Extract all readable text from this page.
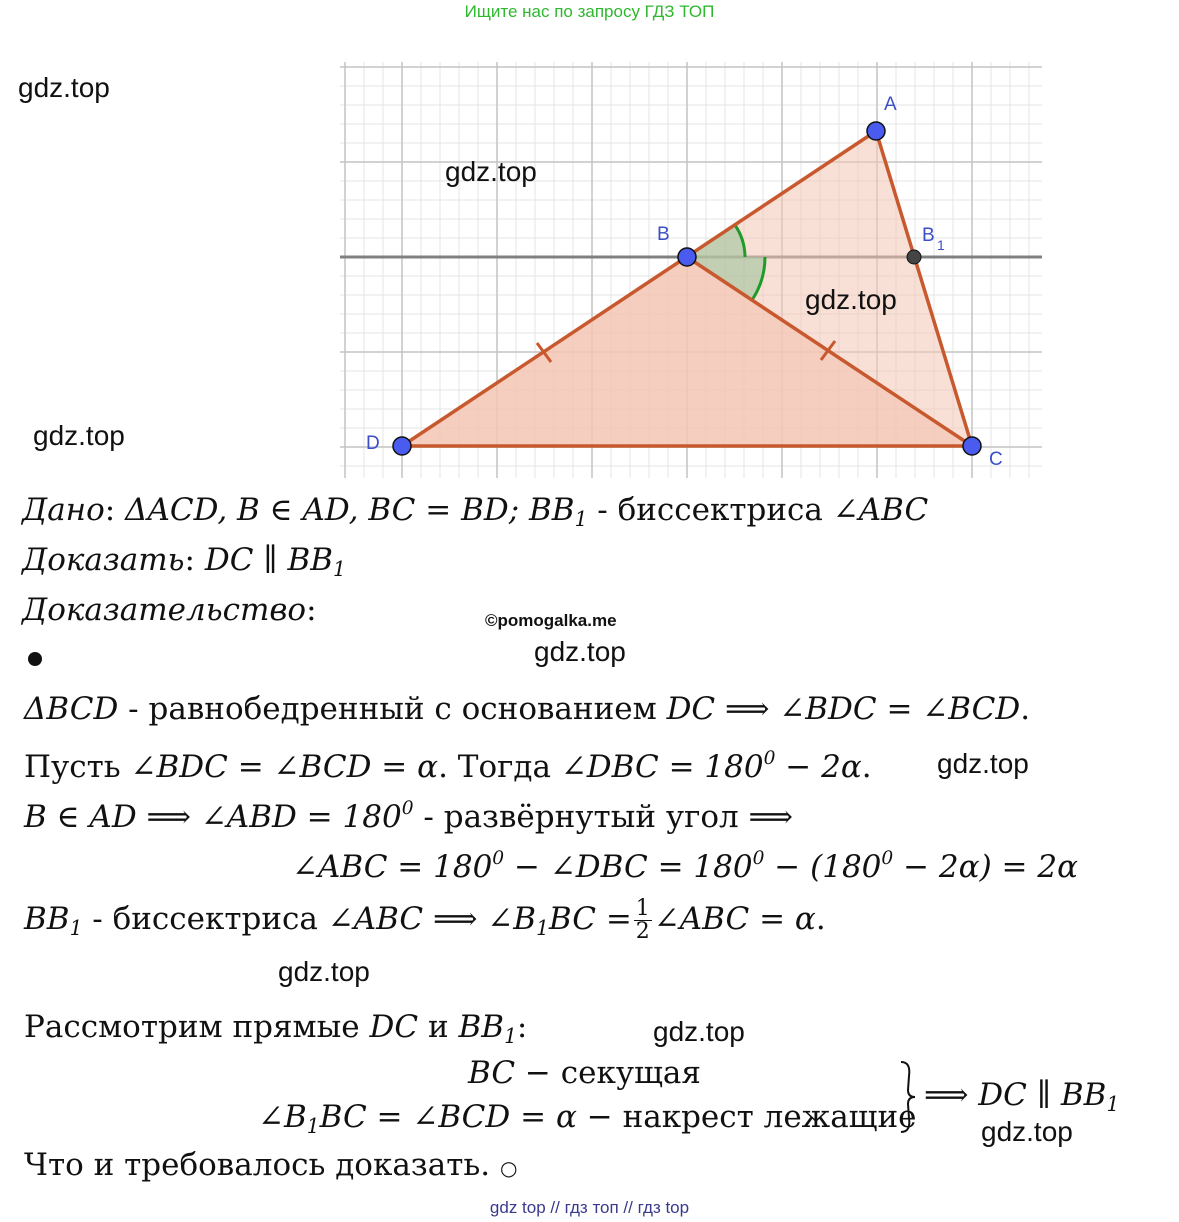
Ищите нас по запросу ГДЗ ТОП
A
B	B 1
C
D
gdz.top
gdz.top
gdz.top
gdz.top
gdz.top
gdz.top
gdz.top
gdz.top
gdz.top
©pomogalka.me
Дано: ΔACD, B ∈ AD, BC = BD; $BB_1$ - биссектриса ∠ABC
Доказать: DC ∥ $BB_1$
Доказательство:
ΔBCD - равнобедренный с основанием DC ⟹ ∠BDC = ∠BCD.
Пусть ∠BDC = ∠BCD = α. Тогда ∠DBC = $180^0 - 2\alpha$.
B ∈ AD ⟹ ∠ABD = $180^0$ - развёрнутый угол ⟹
∠ABC = $180^0$ − ∠DBC = $180^0 - (180^0 - 2\alpha) = 2\alpha$
$BB_1$ - биссектриса ∠ABC ⟹ $\angle B_1BC = \frac{1}{2}$ ∠ABC = α.
Рассмотрим прямые DC и $BB_1$:
BC − секущая
$\angle B_1BC$ = ∠BCD = α − накрест лежащие
⟹ DC ∥ $BB_1$
Что и требовалось доказать. ○
gdz top // гдз топ // гдз top
